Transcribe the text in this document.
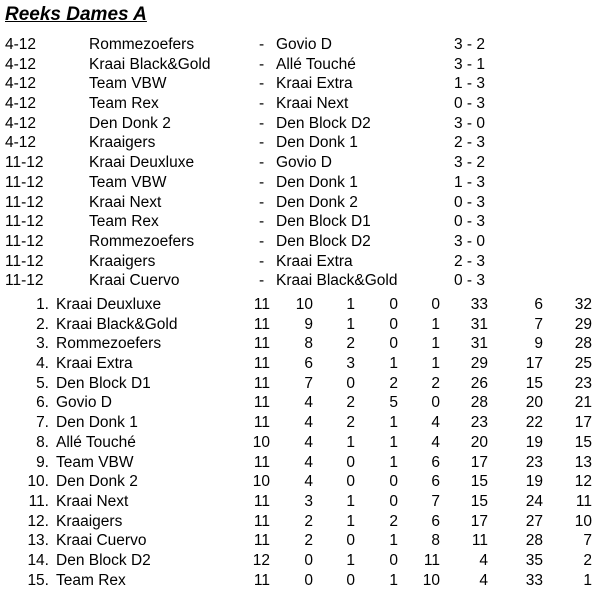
Reeks Dames A
4-12	Rommezoefers	- Govio D	3 - 2
4-12	Kraai Black&Gold	- Allé Touché	3 - 1
4-12	Team VBW	- Kraai Extra	1 - 3
4-12	Team Rex	- Kraai Next	0 - 3
4-12	Den Donk 2	- Den Block D2	3 - 0
4-12	Kraaigers	- Den Donk 1	2 - 3
11-12	Kraai Deuxluxe	- Govio D	3 - 2
11-12	Team VBW	- Den Donk 1	1 - 3
11-12	Kraai Next	- Den Donk 2	0 - 3
11-12	Team Rex	- Den Block D1	0 - 3
11-12	Rommezoefers	- Den Block D2	3 - 0
11-12	Kraaigers	- Kraai Extra	2 - 3
11-12	Kraai Cuervo	- Kraai Black&Gold	0 - 3
1. Kraai Deuxluxe	11 10 1 0 0 33	6 32
2. Kraai Black&Gold	11 9 1 0 1 31	7 29
3. Rommezoefers	11 8 2 0 1 31	9 28
4. Kraai Extra	11 6 3 1 1 29 17 25
5. Den Block D1	11 7 0 2 2 26 15 23
6. Govio D	11 4 2 5 0 28 20 21
7. Den Donk 1	11 4 2 1 4 23 22 17
8. Allé Touché	10 4 1 1 4 20 19 15
9. Team VBW	11 4 0 1 6 17 23 13
10. Den Donk 2	10 4 0 0 6 15 19 12
11. Kraai Next	11 3 1 0 7 15 24 11
12. Kraaigers	11 2 1 2 6 17 27 10
13. Kraai Cuervo	11 2 0 1 8 11 28	7
14. Den Block D2	12 0 1 0 11	4 35	2
15. Team Rex	11 0 0 1 10	4 33	1
